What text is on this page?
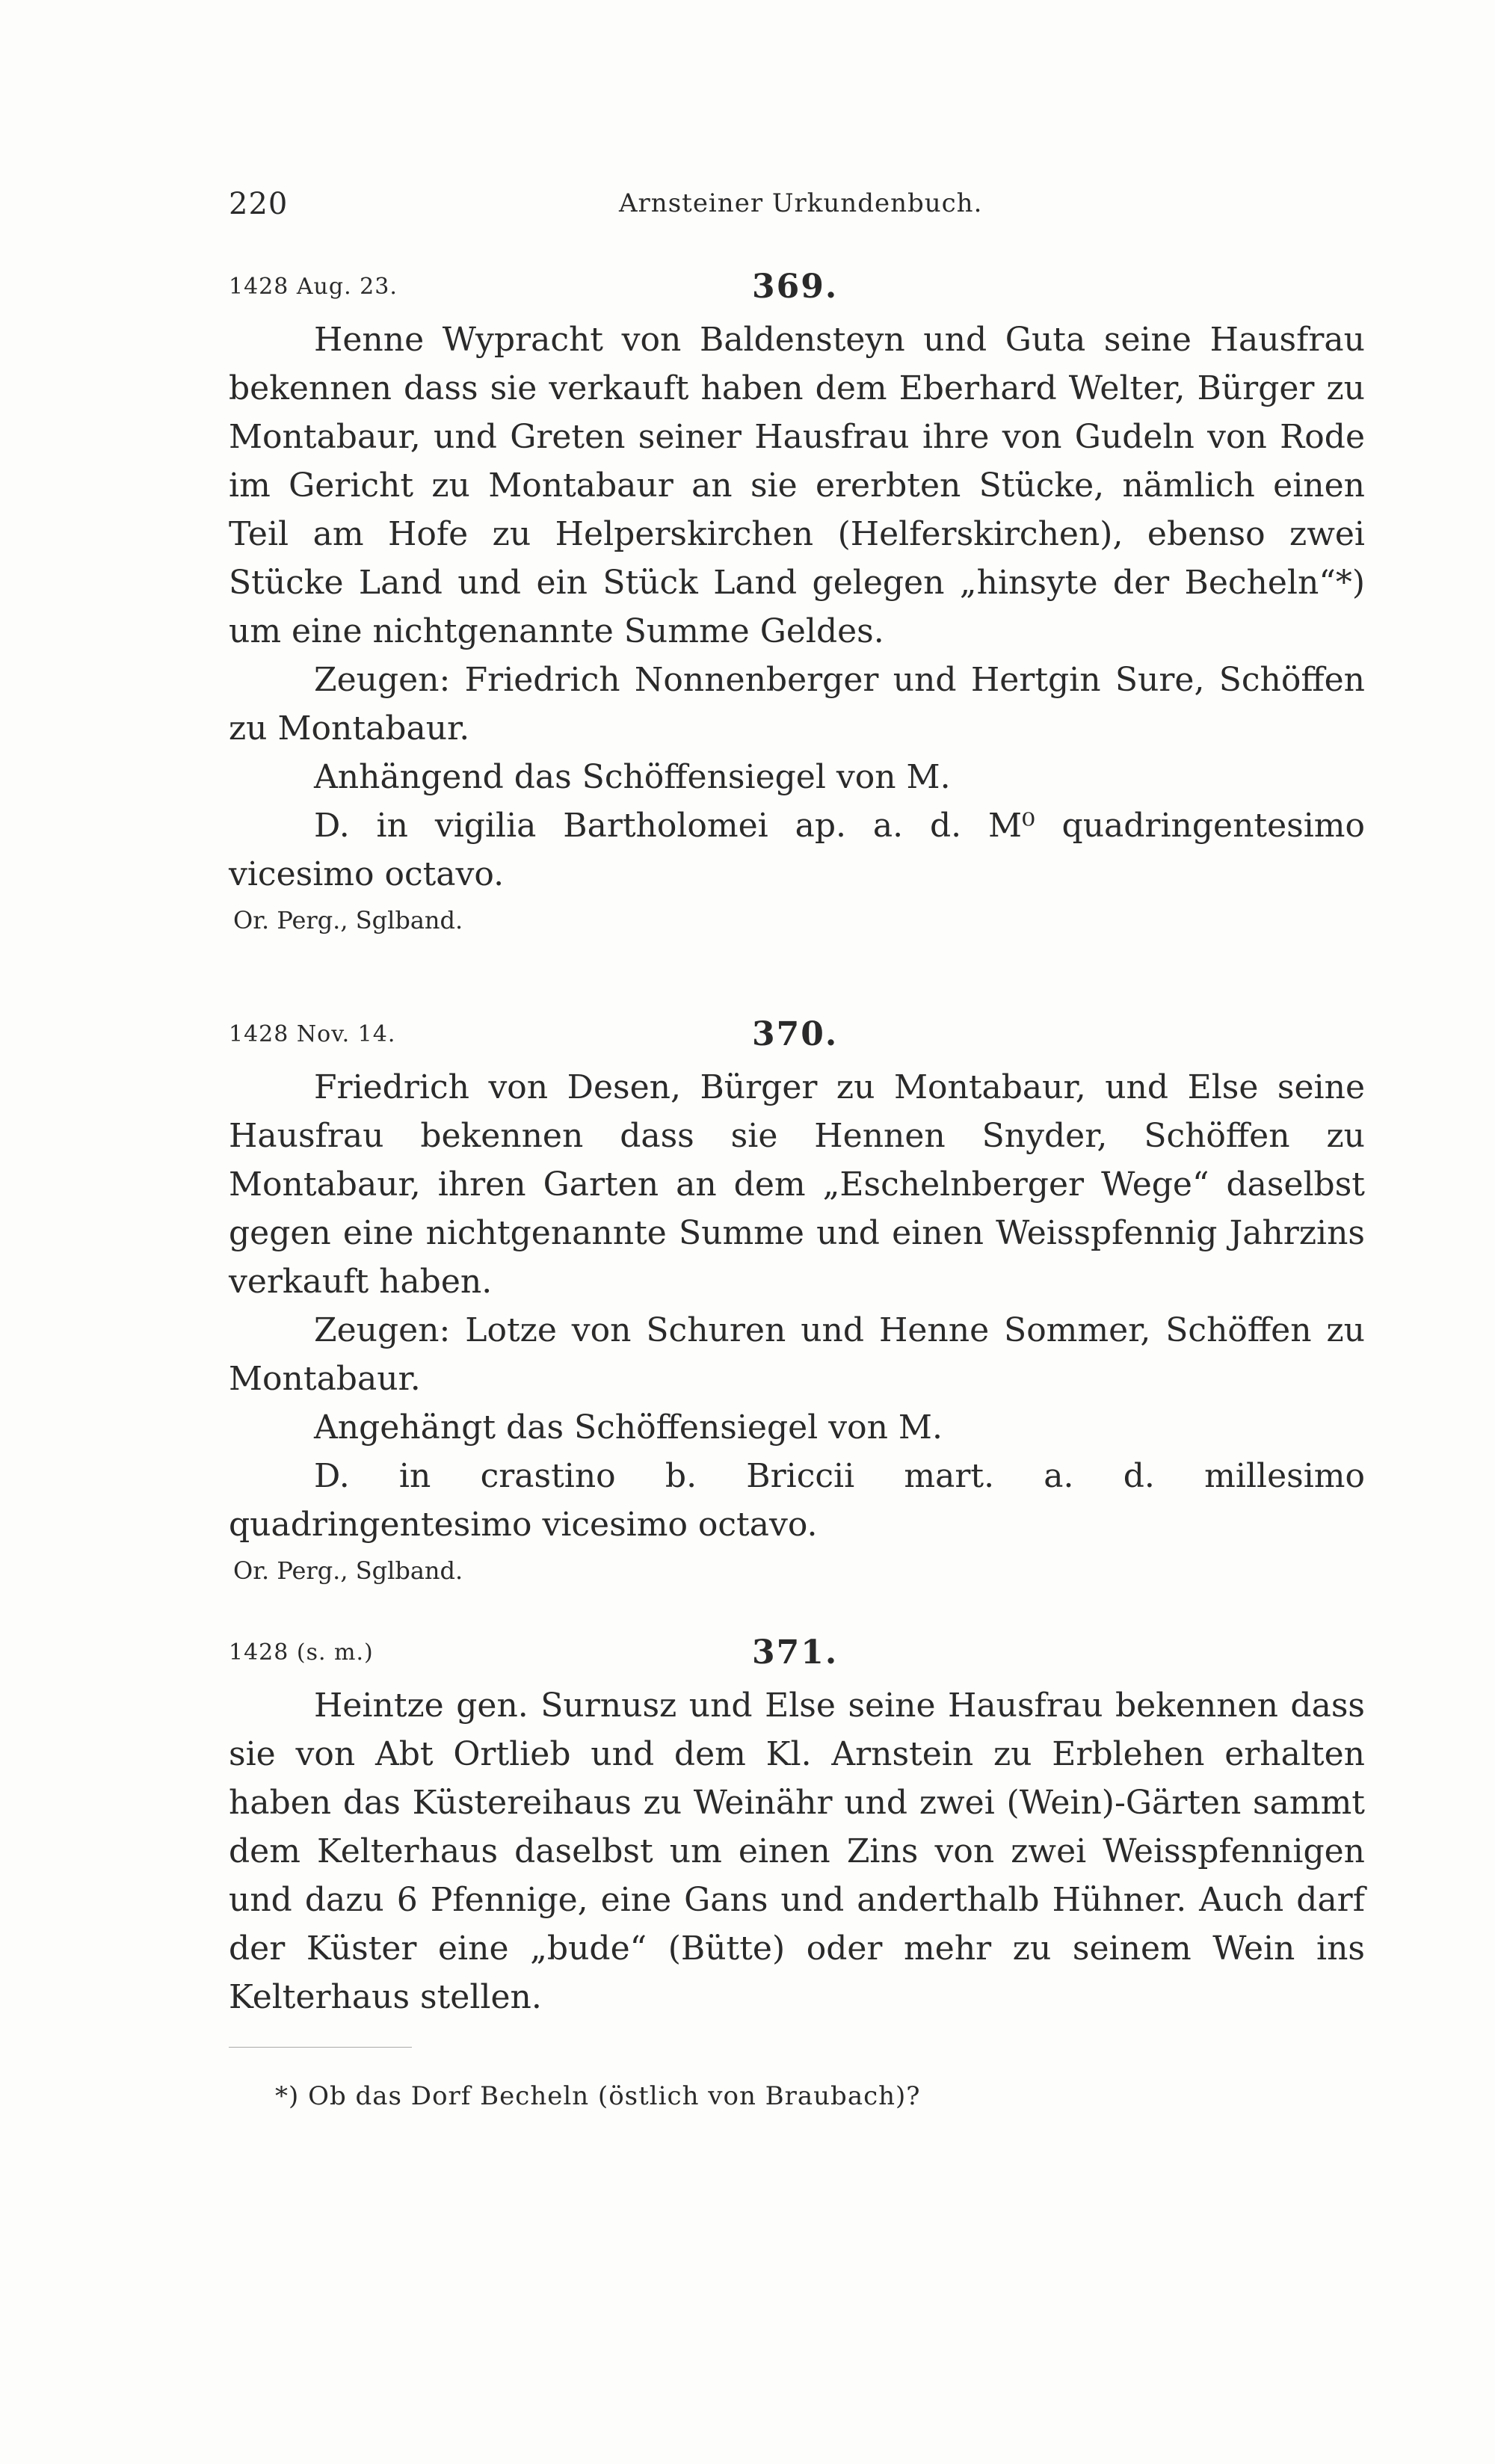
220	Arnsteiner Urkundenbuch.
1428 Aug. 23.	369.

Henne Wypracht von Baldensteyn und Guta seine Hausfrau bekennen dass sie verkauft haben dem Eberhard Welter, Bürger zu Montabaur, und Greten seiner Hausfrau ihre von Gudeln von Rode im Gericht zu Montabaur an sie ererbten Stücke, nämlich einen Teil am Hofe zu Helperskirchen (Helferskirchen), ebenso zwei Stücke Land und ein Stück Land gelegen „hinsyte der Becheln“*) um eine nichtgenannte Summe Geldes.

Zeugen: Friedrich Nonnenberger und Hertgin Sure, Schöffen zu Montabaur.

Anhängend das Schöffensiegel von M.

D. in vigilia Bartholomei ap. a. d. M⁰ quadringentesimo vicesimo octavo.

Or. Perg., Sglband.

1428 Nov. 14.	370.

Friedrich von Desen, Bürger zu Montabaur, und Else seine Hausfrau bekennen dass sie Hennen Snyder, Schöffen zu Montabaur, ihren Garten an dem „Eschelnberger Wege“ daselbst gegen eine nichtgenannte Summe und einen Weisspfennig Jahrzins verkauft haben.

Zeugen: Lotze von Schuren und Henne Sommer, Schöffen zu Montabaur.

Angehängt das Schöffensiegel von M.

D. in crastino b. Briccii mart. a. d. millesimo quadringentesimo vicesimo octavo.

Or. Perg., Sglband.

1428 (s. m.)	371.

Heintze gen. Surnusz und Else seine Hausfrau bekennen dass sie von Abt Ortlieb und dem Kl. Arnstein zu Erblehen erhalten haben das Küstereihaus zu Weinähr und zwei (Wein)-Gärten sammt dem Kelterhaus daselbst um einen Zins von zwei Weisspfennigen und dazu 6 Pfennige, eine Gans und anderthalb Hühner. Auch darf der Küster eine „bude“ (Bütte) oder mehr zu seinem Wein ins Kelterhaus stellen.

*) Ob das Dorf Becheln (östlich von Braubach)?
